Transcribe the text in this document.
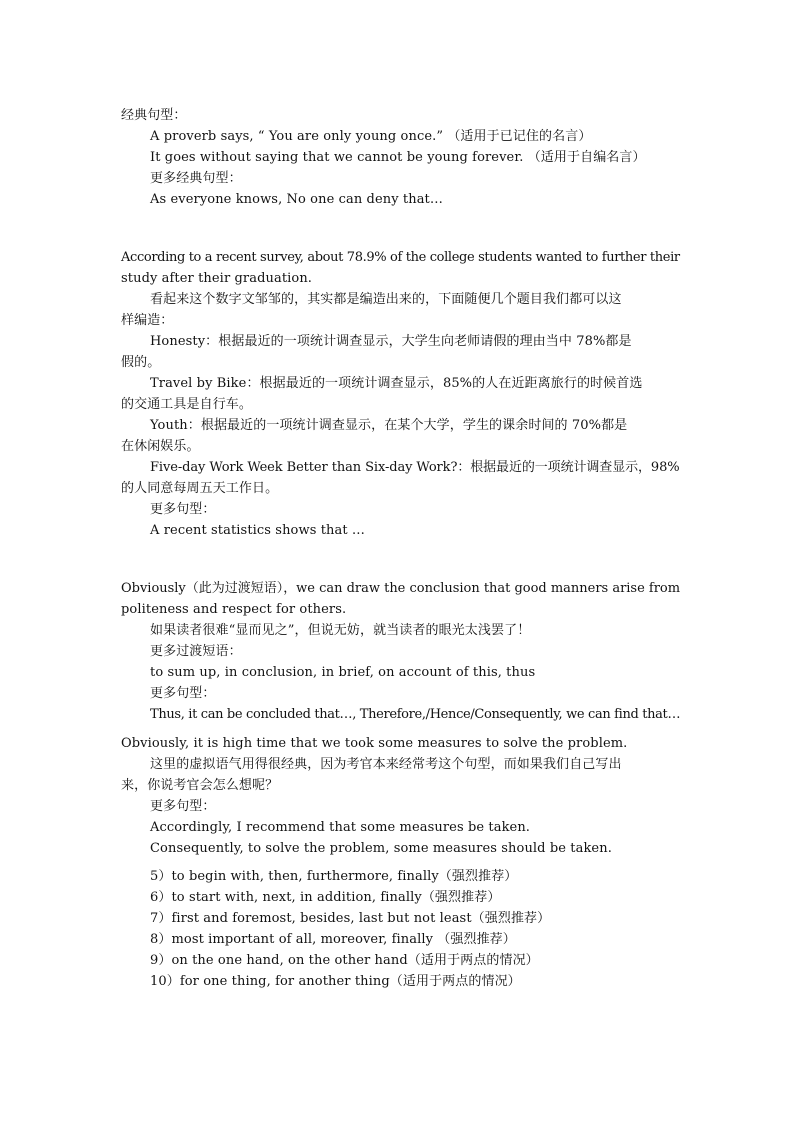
经典句型：
A proverb says, “ You are only young once.” （适用于已记住的名言）
It goes without saying that we cannot be young forever. （适用于自编名言）
更多经典句型：
As everyone knows, No one can deny that…
According to a recent survey, about 78.9% of the college students wanted to further their
study after their graduation.
看起来这个数字文邹邹的，其实都是编造出来的，下面随便几个题目我们都可以这
样编造：
Honesty：根据最近的一项统计调查显示，大学生向老师请假的理由当中 78%都是
假的。
Travel by Bike：根据最近的一项统计调查显示，85%的人在近距离旅行的时候首选
的交通工具是自行车。
Youth：根据最近的一项统计调查显示，在某个大学，学生的课余时间的 70%都是
在休闲娱乐。
Five-day Work Week Better than Six-day Work?：根据最近的一项统计调查显示，98%
的人同意每周五天工作日。
更多句型：
A recent statistics shows that …
Obviously（此为过渡短语），we can draw the conclusion that good manners arise from
politeness and respect for others.
如果读者很难“显而见之”，但说无妨，就当读者的眼光太浅罢了！
更多过渡短语：
to sum up, in conclusion, in brief, on account of this, thus
更多句型：
Thus, it can be concluded that…, Therefore,/Hence/Consequently, we can find that…
Obviously, it is high time that we took some measures to solve the problem.
这里的虚拟语气用得很经典，因为考官本来经常考这个句型，而如果我们自己写出
来，你说考官会怎么想呢？
更多句型：
Accordingly, I recommend that some measures be taken.
Consequently, to solve the problem, some measures should be taken.
5）to begin with, then, furthermore, finally（强烈推荐）
6）to start with, next, in addition, finally（强烈推荐）
7）first and foremost, besides, last but not least（强烈推荐）
8）most important of all, moreover, finally （强烈推荐）
9）on the one hand, on the other hand（适用于两点的情况）
10）for one thing, for another thing（适用于两点的情况）
